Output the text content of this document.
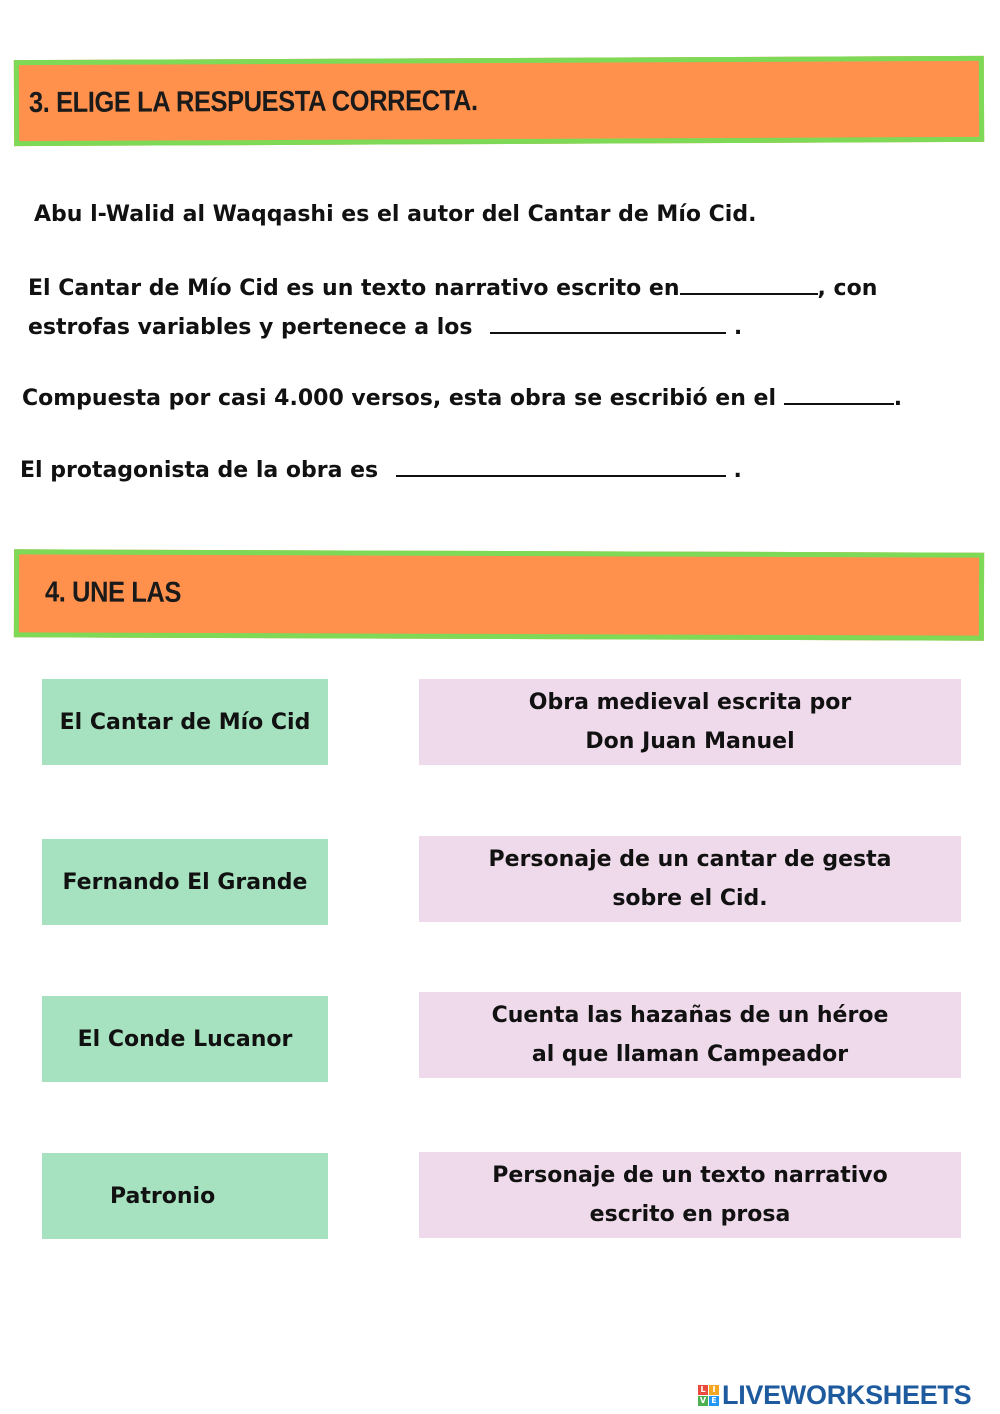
3. ELIGE LA RESPUESTA CORRECTA.
Abu l-Walid al Waqqashi es el autor del Cantar de Mío Cid.
El Cantar de Mío Cid es un texto narrativo escrito en	, con
estrofas variables y pertenece a los	.
Compuesta por casi 4.000 versos, esta obra se escribió en el	.
El protagonista de la obra es	.
4. UNE LAS
El Cantar de Mío Cid
Fernando El Grande
El Conde Lucanor
Patronio
Obra medieval escrita por
Don Juan Manuel
Personaje de un cantar de gesta
sobre el Cid.
Cuenta las hazañas de un héroe
al que llaman Campeador
Personaje de un texto narrativo
escrito en prosa
L I
V E LIVEWORKSHEETS
